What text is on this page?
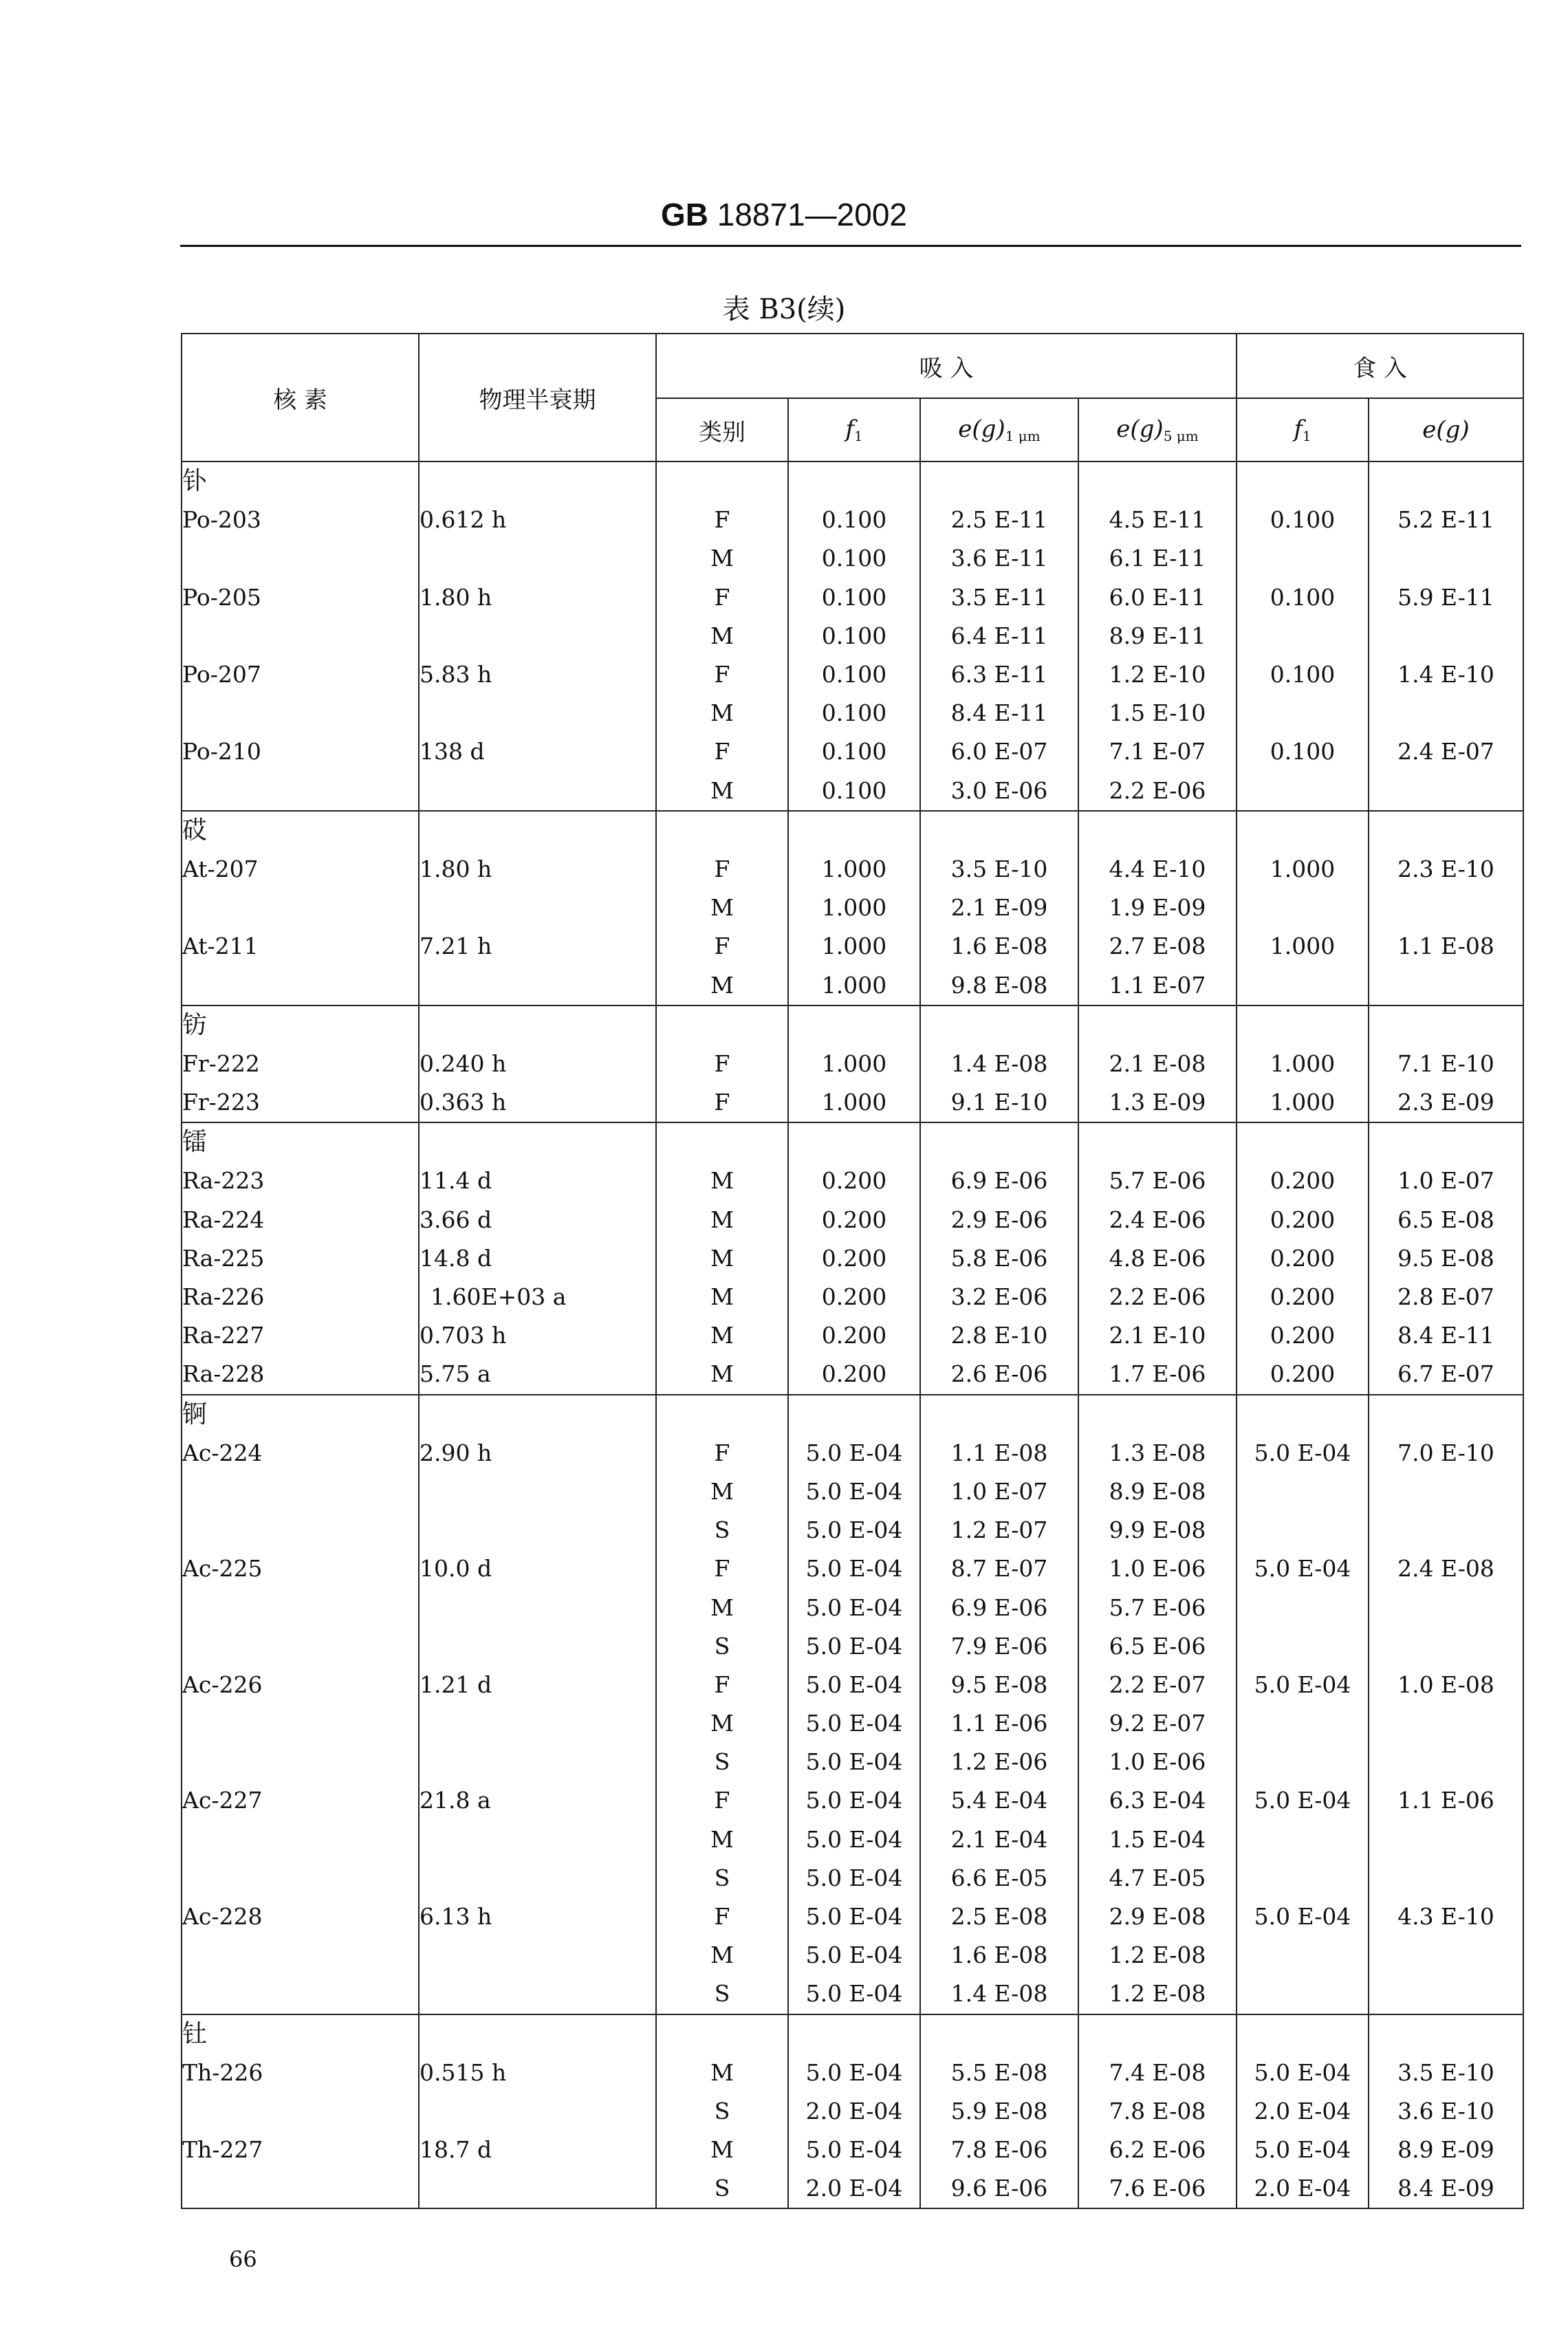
GB 18871—2002
表 B3(续)
核 素	物理半衰期	吸 入				食 入	
		类别	$f_1$	$e(g)_{1 \mu m}$	$e(g)_{5 \mu m}$	$f_1$	e(g)
钋							
Po-203	0.612 h	F	0.100	2.5 E-11	4.5 E-11	0.100	5.2 E-11
		M	0.100	3.6 E-11	6.1 E-11		
Po-205	1.80 h	F	0.100	3.5 E-11	6.0 E-11	0.100	5.9 E-11
		M	0.100	6.4 E-11	8.9 E-11		
Po-207	5.83 h	F	0.100	6.3 E-11	1.2 E-10	0.100	1.4 E-10
		M	0.100	8.4 E-11	1.5 E-10		
Po-210	138 d	F	0.100	6.0 E-07	7.1 E-07	0.100	2.4 E-07
		M	0.100	3.0 E-06	2.2 E-06		
砹							
At-207	1.80 h	F	1.000	3.5 E-10	4.4 E-10	1.000	2.3 E-10
		M	1.000	2.1 E-09	1.9 E-09		
At-211	7.21 h	F	1.000	1.6 E-08	2.7 E-08	1.000	1.1 E-08
		M	1.000	9.8 E-08	1.1 E-07		
钫							
Fr-222	0.240 h	F	1.000	1.4 E-08	2.1 E-08	1.000	7.1 E-10
Fr-223	0.363 h	F	1.000	9.1 E-10	1.3 E-09	1.000	2.3 E-09
镭							
Ra-223	11.4 d	M	0.200	6.9 E-06	5.7 E-06	0.200	1.0 E-07
Ra-224	3.66 d	M	0.200	2.9 E-06	2.4 E-06	0.200	6.5 E-08
Ra-225	14.8 d	M	0.200	5.8 E-06	4.8 E-06	0.200	9.5 E-08
Ra-226	1.60E+03 a	M	0.200	3.2 E-06	2.2 E-06	0.200	2.8 E-07
Ra-227	0.703 h	M	0.200	2.8 E-10	2.1 E-10	0.200	8.4 E-11
Ra-228	5.75 a	M	0.200	2.6 E-06	1.7 E-06	0.200	6.7 E-07
锕							
Ac-224	2.90 h	F	5.0 E-04	1.1 E-08	1.3 E-08	5.0 E-04	7.0 E-10
		M	5.0 E-04	1.0 E-07	8.9 E-08		
		S	5.0 E-04	1.2 E-07	9.9 E-08		
Ac-225	10.0 d	F	5.0 E-04	8.7 E-07	1.0 E-06	5.0 E-04	2.4 E-08
		M	5.0 E-04	6.9 E-06	5.7 E-06		
		S	5.0 E-04	7.9 E-06	6.5 E-06		
Ac-226	1.21 d	F	5.0 E-04	9.5 E-08	2.2 E-07	5.0 E-04	1.0 E-08
		M	5.0 E-04	1.1 E-06	9.2 E-07		
		S	5.0 E-04	1.2 E-06	1.0 E-06		
Ac-227	21.8 a	F	5.0 E-04	5.4 E-04	6.3 E-04	5.0 E-04	1.1 E-06
		M	5.0 E-04	2.1 E-04	1.5 E-04		
		S	5.0 E-04	6.6 E-05	4.7 E-05		
Ac-228	6.13 h	F	5.0 E-04	2.5 E-08	2.9 E-08	5.0 E-04	4.3 E-10
		M	5.0 E-04	1.6 E-08	1.2 E-08		
		S	5.0 E-04	1.4 E-08	1.2 E-08		
钍							
Th-226	0.515 h	M	5.0 E-04	5.5 E-08	7.4 E-08	5.0 E-04	3.5 E-10
		S	2.0 E-04	5.9 E-08	7.8 E-08	2.0 E-04	3.6 E-10
Th-227	18.7 d	M	5.0 E-04	7.8 E-06	6.2 E-06	5.0 E-04	8.9 E-09
		S	2.0 E-04	9.6 E-06	7.6 E-06	2.0 E-04	8.4 E-09
66
